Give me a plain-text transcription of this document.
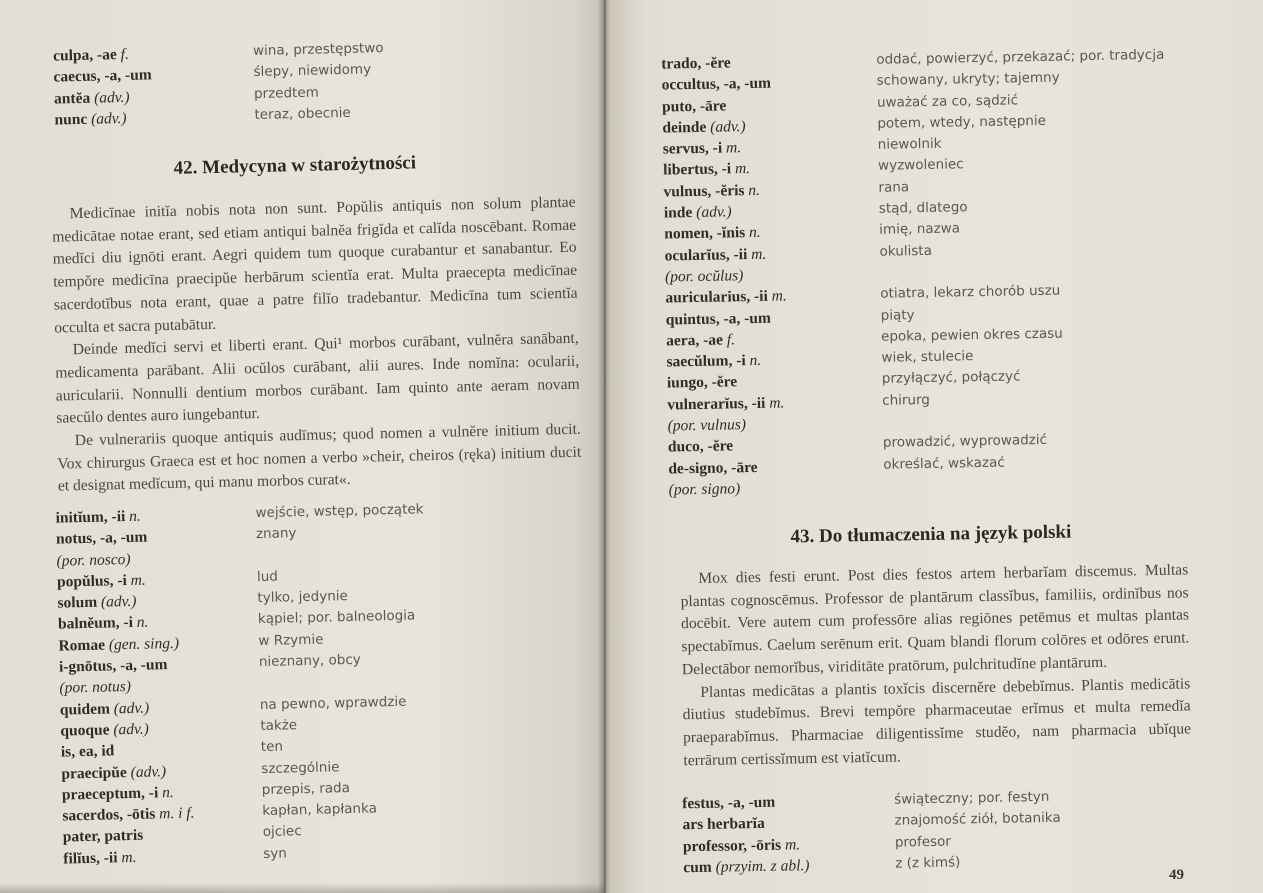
culpa, -ae f.	wina, przestępstwo
caecus, -a, -um	ślepy, niewidomy
antĕa (adv.)	przedtem
nunc (adv.)	teraz, obecnie
42. Medycyna w starożytności

Medicīnae initĭa nobis nota non sunt. Popŭlis antiquis non solum plantae medicātae notae erant, sed etiam antiqui balnĕa frigĭda et calĭda noscēbant. Romae medĭci diu ignōti erant. Aegri quidem tum quoque curabantur et sanabantur. Eo tempŏre medicīna praecipŭe herbārum scientĭa erat. Multa praecepta medicīnae sacerdotĭbus nota erant, quae a patre filĭo tradebantur. Medicīna tum scientĭa occulta et sacra putabātur.

Deinde medĭci servi et liberti erant. Qui¹ morbos curābant, vulnĕra sanābant, medicamenta parābant. Alii ocŭlos curābant, alii aures. Inde nomĭna: ocularii, auricularii. Nonnulli dentium morbos curābant. Iam quinto ante aeram novam saecŭlo dentes auro iungebantur.

De vulnerariis quoque antiquis audīmus; quod nomen a vulnĕre initium ducit. Vox chirurgus Graeca est et hoc nomen a verbo »cheir, cheiros (ręka) initium ducit et designat medĭcum, qui manu morbos curat«.

initĭum, -ii n.	wejście, wstęp, początek
notus, -a, -um	znany
(por. nosco)
popŭlus, -i m.	lud
solum (adv.)	tylko, jedynie
balnĕum, -i n.	kąpiel; por. balneologia
Romae (gen. sing.)	w Rzymie
i-gnōtus, -a, -um	nieznany, obcy
(por. notus)
quidem (adv.)	na pewno, wprawdzie
quoque (adv.)	także
is, ea, id	ten
praecipŭe (adv.)	szczególnie
praeceptum, -i n.	przepis, rada
sacerdos, -ōtis m. i f.	kapłan, kapłanka
pater, patris	ojciec
filĭus, -ii m.	syn
trado, -ĕre	oddać, powierzyć, przekazać; por. tradycja
occultus, -a, -um	schowany, ukryty; tajemny
puto, -āre	uważać za co, sądzić
deinde (adv.)	potem, wtedy, następnie
servus, -i m.	niewolnik
libertus, -i m.	wyzwoleniec
vulnus, -ĕris n.	rana
inde (adv.)	stąd, dlatego
nomen, -ĭnis n.	imię, nazwa
ocularĭus, -ii m.	okulista
(por. ocŭlus)
auricularius, -ii m.	otiatra, lekarz chorób uszu
quintus, -a, -um	piąty
aera, -ae f.	epoka, pewien okres czasu
saecŭlum, -i n.	wiek, stulecie
iungo, -ĕre	przyłączyć, połączyć
vulnerarĭus, -ii m.	chirurg
(por. vulnus)
duco, -ĕre	prowadzić, wyprowadzić
de-signo, -āre	określać, wskazać
(por. signo)
43. Do tłumaczenia na język polski

Mox dies festi erunt. Post dies festos artem herbarĭam discemus. Multas plantas cognoscēmus. Professor de plantārum classĭbus, familiis, ordinĭbus nos docēbit. Vere autem cum professōre alias regiōnes petēmus et multas plantas spectabĭmus. Caelum serēnum erit. Quam blandi florum colōres et odōres erunt. Delectābor nemorĭbus, viriditāte pratōrum, pulchritudĭne plantārum.

Plantas medicātas a plantis toxĭcis discernĕre debebĭmus. Plantis medicātis diutius studebĭmus. Brevi tempŏre pharmaceutae erĭmus et multa remedĭa praeparabĭmus. Pharmaciae diligentissĭme studĕo, nam pharmacia ubĭque terrārum certissĭmum est viatĭcum.

festus, -a, -um	świąteczny; por. festyn
ars herbarĭa	znajomość ziół, botanika
professor, -ōris m.	profesor
cum (przyim. z abl.)	z (z kimś)
49
